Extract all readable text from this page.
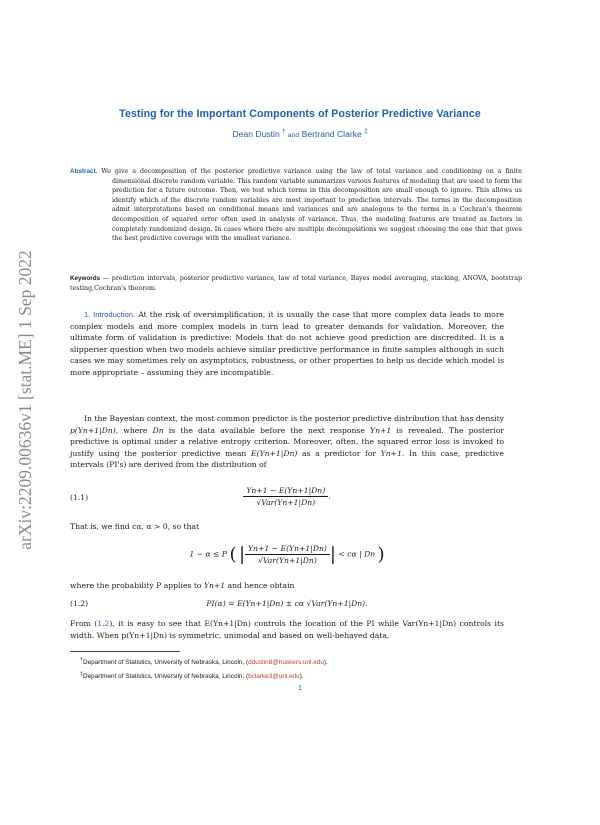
arXiv:2209.00636v1 [stat.ME] 1 Sep 2022
Testing for the Important Components of Posterior Predictive Variance
Dean Dustin † and Bertrand Clarke ‡
Abstract. We give a decomposition of the posterior predictive variance using the law of total variance and conditioning on a finite dimensional discrete random variable. This random variable summarizes various features of modeling that are used to form the prediction for a future outcome. Then, we test which terms in this decomposition are small enough to ignore. This allows us identify which of the discrete random variables are most important to prediction intervals. The terms in the decomposition admit interpretations based on conditional means and variances and are analogous to the terms in a Cochran's theorem decomposition of squared error often used in analysis of variance. Thus, the modeling features are treated as factors in completely randomized design. In cases where there are multiple decompositions we suggest choosing the one that that gives the best predictive coverage with the smallest variance.
Keywords — prediction intervals, posterior predictive variance, law of total variance, Bayes model averaging, stacking, ANOVA, bootstrap testing,Cochran's theorem.
1. Introduction. At the risk of oversimplification, it is usually the case that more complex data leads to more complex models and more complex models in turn lead to greater demands for validation. Moreover, the ultimate form of validation is predictive: Models that do not achieve good prediction are discredited. It is a slipperier question when two models achieve similar predictive performance in finite samples although in such cases we may sometimes rely on asymptotics, robustness, or other properties to help us decide which model is more appropriate – assuming they are incompatible.
In the Bayesian context, the most common predictor is the posterior predictive distribution that has density p(Yn+1|Dn), where Dn is the data available before the next response Yn+1 is revealed. The posterior predictive is optimal under a relative entropy criterion. Moreover, often, the squared error loss is invoked to justify using the posterior predictive mean E(Yn+1|Dn) as a predictor for Yn+1. In this case, predictive intervals (PI's) are derived from the distribution of
(1.1)	$\frac{Yn+1 - E(Yn+1|Dn)}{\text{√Var(Yn+1|Dn)}}$ .
That is, we find cα, α > 0, so that
1 − α ≤ P ( | $\frac{Yn+1 - E(Yn+1|Dn)}{\text{√Var(Yn+1|Dn)}}$ | < cα | Dn )
where the probability P applies to Yn+1 and hence obtain
(1.2)	PI(α) = E(Yn+1|Dn) ± cα √Var(Yn+1|Dn).
From (1.2), it is easy to see that E(Yn+1|Dn) controls the location of the PI while Var(Yn+1|Dn) controls its width. When p(Yn+1|Dn) is symmetric, unimodal and based on well-behaved data,
†Department of Statistics, University of Nebraska, Lincoln, (ddustin8@huskers.unl.edu).
‡Department of Statistics, University of Nebraska, Lincoln, (bclarke3@unl.edu).
1
